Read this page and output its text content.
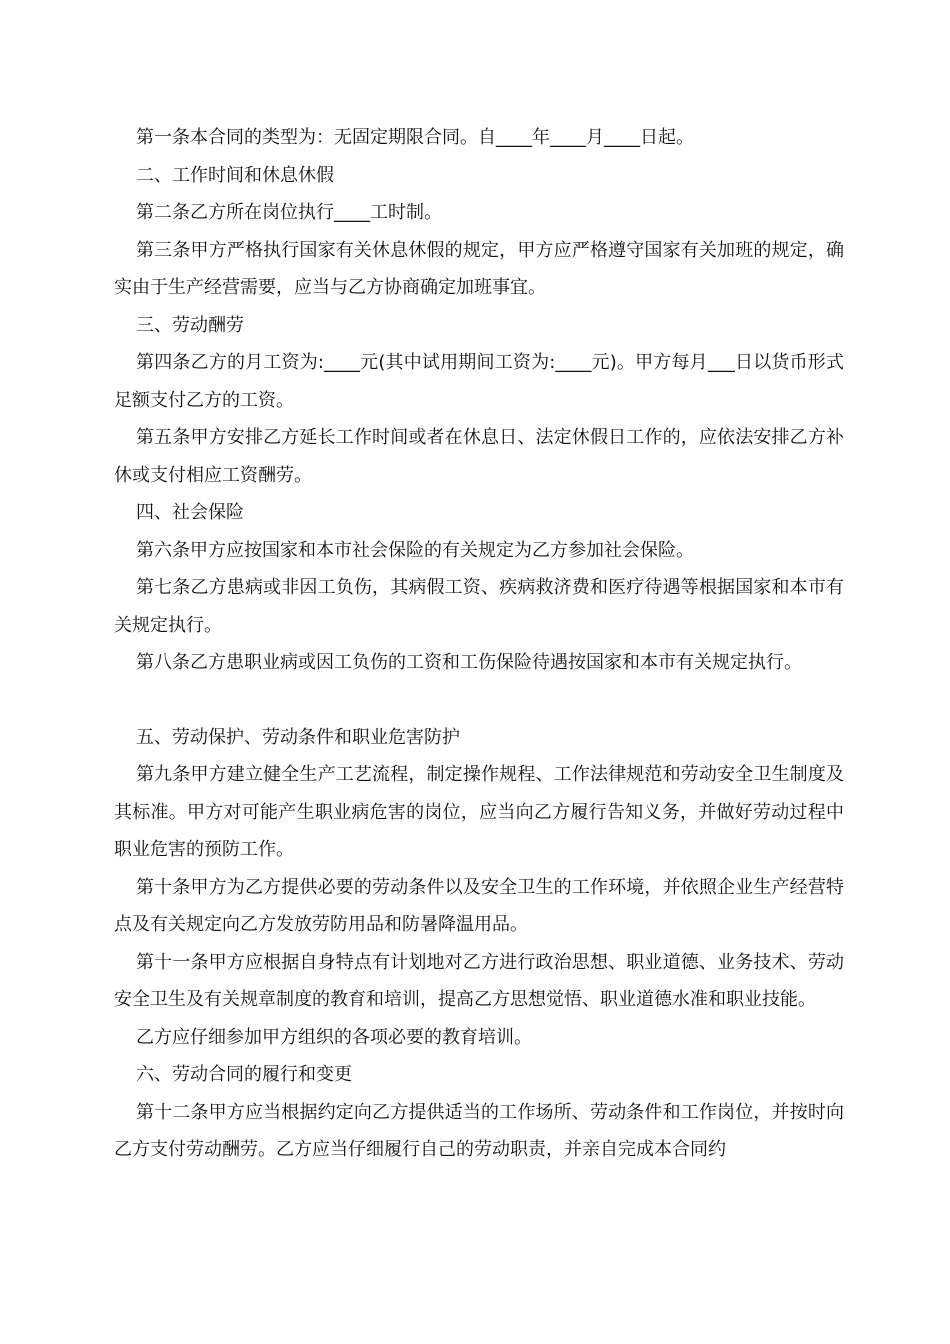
第一条本合同的类型为：无固定期限合同。自____年____月____日起。

二、工作时间和休息休假

第二条乙方所在岗位执行____工时制。

第三条甲方严格执行国家有关休息休假的规定，甲方应严格遵守国家有关加班的规定，确实由于生产经营需要，应当与乙方协商确定加班事宜。

三、劳动酬劳

第四条乙方的月工资为:____元(其中试用期间工资为:____元)。甲方每月___日以货币形式足额支付乙方的工资。

第五条甲方安排乙方延长工作时间或者在休息日、法定休假日工作的，应依法安排乙方补休或支付相应工资酬劳。

四、社会保险

第六条甲方应按国家和本市社会保险的有关规定为乙方参加社会保险。

第七条乙方患病或非因工负伤，其病假工资、疾病救济费和医疗待遇等根据国家和本市有关规定执行。

第八条乙方患职业病或因工负伤的工资和工伤保险待遇按国家和本市有关规定执行。

五、劳动保护、劳动条件和职业危害防护

第九条甲方建立健全生产工艺流程，制定操作规程、工作法律规范和劳动安全卫生制度及其标准。甲方对可能产生职业病危害的岗位，应当向乙方履行告知义务，并做好劳动过程中职业危害的预防工作。

第十条甲方为乙方提供必要的劳动条件以及安全卫生的工作环境，并依照企业生产经营特点及有关规定向乙方发放劳防用品和防暑降温用品。

第十一条甲方应根据自身特点有计划地对乙方进行政治思想、职业道德、业务技术、劳动安全卫生及有关规章制度的教育和培训，提高乙方思想觉悟、职业道德水准和职业技能。

乙方应仔细参加甲方组织的各项必要的教育培训。

六、劳动合同的履行和变更

第十二条甲方应当根据约定向乙方提供适当的工作场所、劳动条件和工作岗位，并按时向乙方支付劳动酬劳。乙方应当仔细履行自己的劳动职责，并亲自完成本合同约
